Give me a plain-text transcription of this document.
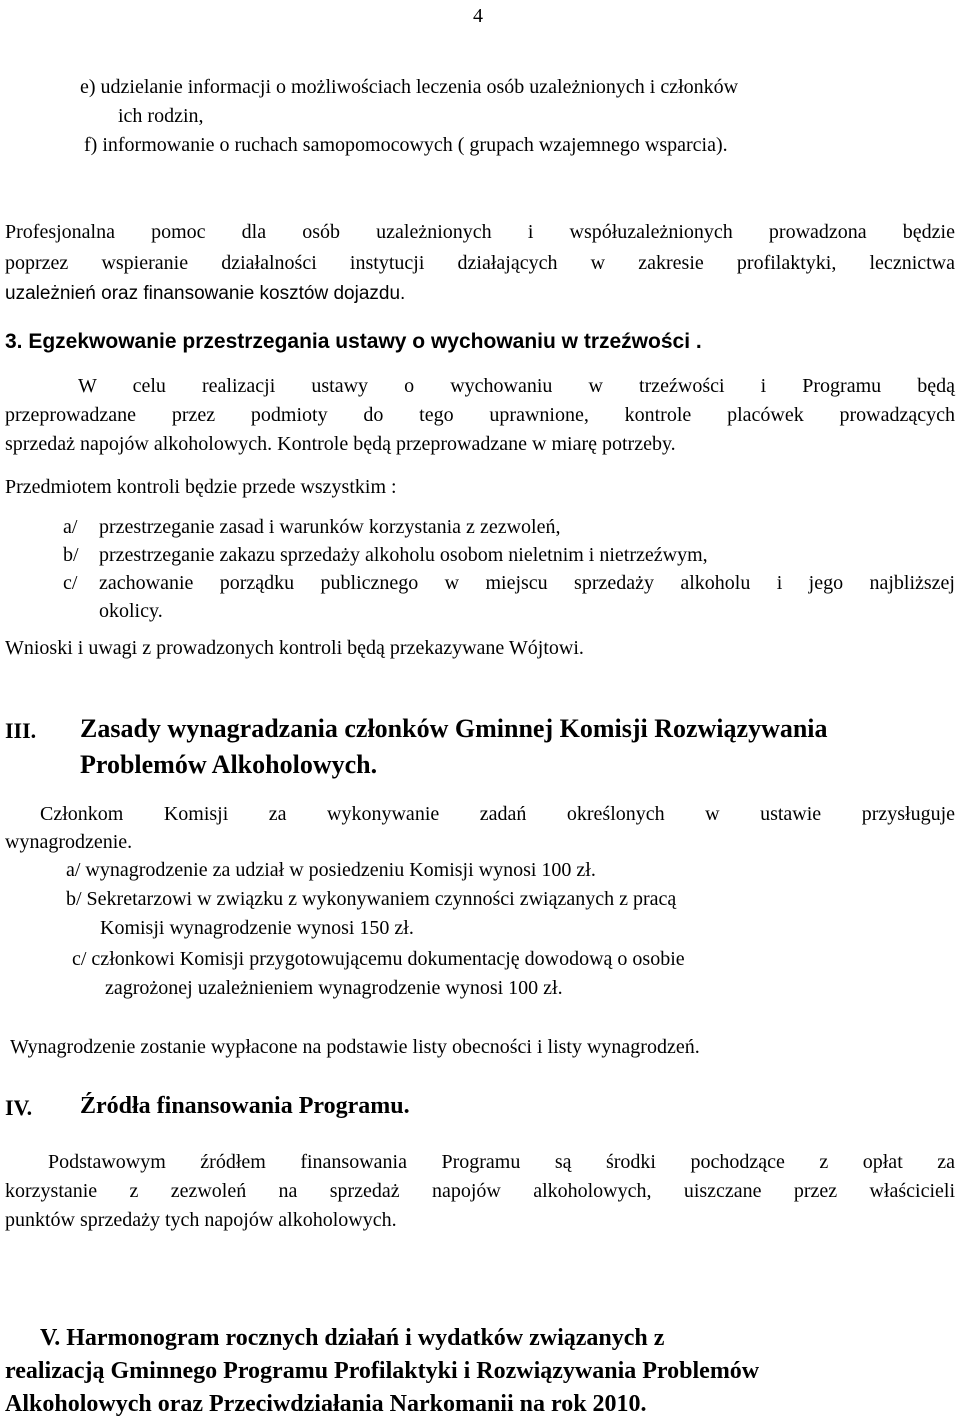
4
e) udzielanie informacji o możliwościach leczenia osób uzależnionych i członków
ich rodzin,
f) informowanie o ruchach samopomocowych ( grupach wzajemnego wsparcia).
Profesjonalna pomoc dla osób uzależnionych i współuzależnionych prowadzona będzie
poprzez wspieranie działalności instytucji działających w zakresie profilaktyki, lecznictwa
uzależnień oraz finansowanie kosztów dojazdu.
3. Egzekwowanie przestrzegania ustawy o wychowaniu w trzeźwości .
W celu realizacji ustawy o wychowaniu w trzeźwości i Programu będą
przeprowadzane przez podmioty do tego uprawnione, kontrole placówek prowadzących
sprzedaż napojów alkoholowych. Kontrole będą przeprowadzane w miarę potrzeby.
Przedmiotem kontroli będzie przede wszystkim :
a/ przestrzeganie zasad i warunków korzystania z zezwoleń,
b/ przestrzeganie zakazu sprzedaży alkoholu osobom nieletnim i nietrzeźwym,
c/ zachowanie porządku publicznego w miejscu sprzedaży alkoholu i jego najbliższej
okolicy.
Wnioski i uwagi z prowadzonych kontroli będą przekazywane Wójtowi.
III. Zasady wynagradzania członków Gminnej Komisji Rozwiązywania
Problemów Alkoholowych.
Członkom Komisji za wykonywanie zadań określonych w ustawie przysługuje
wynagrodzenie.
a/ wynagrodzenie za udział w posiedzeniu Komisji wynosi 100 zł.
b/ Sekretarzowi w związku z wykonywaniem czynności związanych z pracą
Komisji wynagrodzenie wynosi 150 zł.
c/ członkowi Komisji przygotowującemu dokumentację dowodową o osobie
zagrożonej uzależnieniem wynagrodzenie wynosi 100 zł.
Wynagrodzenie zostanie wypłacone na podstawie listy obecności i listy wynagrodzeń.
IV. Źródła finansowania Programu.
Podstawowym źródłem finansowania Programu są środki pochodzące z opłat za
korzystanie z zezwoleń na sprzedaż napojów alkoholowych, uiszczane przez właścicieli
punktów sprzedaży tych napojów alkoholowych.
V. Harmonogram rocznych działań i wydatków związanych z
realizacją Gminnego Programu Profilaktyki i Rozwiązywania Problemów
Alkoholowych oraz Przeciwdziałania Narkomanii na rok 2010.
